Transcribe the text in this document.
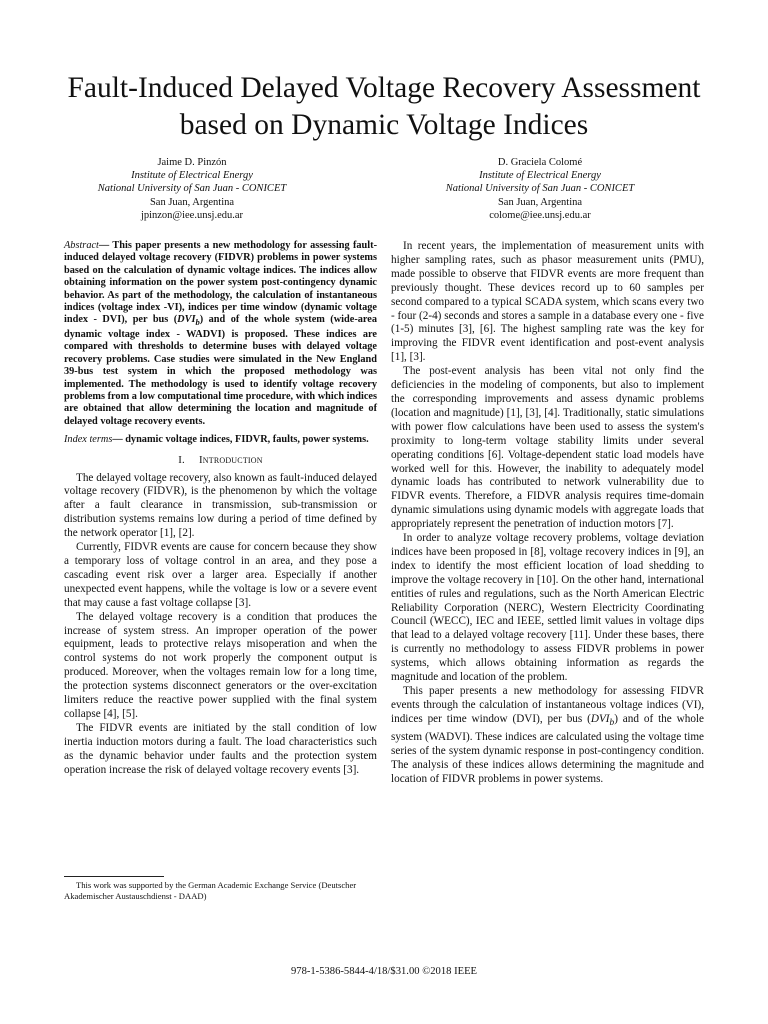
Fault-Induced Delayed Voltage Recovery Assessment based on Dynamic Voltage Indices
Jaime D. Pinzón
Institute of Electrical Energy
National University of San Juan - CONICET
San Juan, Argentina
jpinzon@iee.unsj.edu.ar
D. Graciela Colomé
Institute of Electrical Energy
National University of San Juan - CONICET
San Juan, Argentina
colome@iee.unsj.edu.ar

Abstract— This paper presents a new methodology for assessing fault-induced delayed voltage recovery (FIDVR) problems in power systems based on the calculation of dynamic voltage indices. The indices allow obtaining information on the power system post-contingency dynamic behavior. As part of the methodology, the calculation of instantaneous indices (voltage index -VI), indices per time window (dynamic voltage index - DVI), per bus $(DVI_b)$ and of the whole system (wide-area dynamic voltage index - WADVI) is proposed. These indices are compared with thresholds to determine buses with delayed voltage recovery problems. Case studies were simulated in the New England 39-bus test system in which the proposed methodology was implemented. The methodology is used to identify voltage recovery problems from a low computational time procedure, with which indices are obtained that allow determining the location and magnitude of delayed voltage recovery events.

Index terms— dynamic voltage indices, FIDVR, faults, power systems.

I. Introduction

The delayed voltage recovery, also known as fault-induced delayed voltage recovery (FIDVR), is the phenomenon by which the voltage after a fault clearance in transmission, sub-transmission or distribution systems remains low during a period of time defined by the network operator [1], [2].

Currently, FIDVR events are cause for concern because they show a temporary loss of voltage control in an area, and they pose a cascading event risk over a larger area. Especially if another unexpected event happens, while the voltage is low or a severe event that may cause a fast voltage collapse [3].

The delayed voltage recovery is a condition that produces the increase of system stress. An improper operation of the power equipment, leads to protective relays misoperation and when the control systems do not work properly the component output is produced. Moreover, when the voltages remain low for a long time, the protection systems disconnect generators or the over-excitation limiters reduce the reactive power supplied with the final system collapse [4], [5].

The FIDVR events are initiated by the stall condition of low inertia induction motors during a fault. The load characteristics such as the dynamic behavior under faults and the protection system operation increase the risk of delayed voltage recovery events [3].

In recent years, the implementation of measurement units with higher sampling rates, such as phasor measurement units (PMU), made possible to observe that FIDVR events are more frequent than previously thought. These devices record up to 60 samples per second compared to a typical SCADA system, which scans every two - four (2-4) seconds and stores a sample in a database every one - five (1-5) minutes [3], [6]. The highest sampling rate was the key for improving the FIDVR event identification and post-event analysis [1], [3].

The post-event analysis has been vital not only find the deficiencies in the modeling of components, but also to implement the corresponding improvements and assess dynamic problems (location and magnitude) [1], [3], [4]. Traditionally, static simulations with power flow calculations have been used to assess the system's proximity to long-term voltage stability limits under several operating conditions [6]. Voltage-dependent static load models have worked well for this. However, the inability to adequately model dynamic loads has contributed to network vulnerability due to FIDVR events. Therefore, a FIDVR analysis requires time-domain dynamic simulations using dynamic models with aggregate loads that appropriately represent the penetration of induction motors [7].

In order to analyze voltage recovery problems, voltage deviation indices have been proposed in [8], voltage recovery indices in [9], an index to identify the most efficient location of load shedding to improve the voltage recovery in [10]. On the other hand, international entities of rules and regulations, such as the North American Electric Reliability Corporation (NERC), Western Electricity Coordinating Council (WECC), IEC and IEEE, settled limit values in voltage dips that lead to a delayed voltage recovery [11]. Under these bases, there is currently no methodology to assess FIDVR problems in power systems, which allows obtaining information as regards the magnitude and location of the problem.

This paper presents a new methodology for assessing FIDVR events through the calculation of instantaneous voltage indices (VI), indices per time window (DVI), per bus $(DVI_b)$ and of the whole system (WADVI). These indices are calculated using the voltage time series of the system dynamic response in post-contingency condition. The analysis of these indices allows determining the magnitude and location of FIDVR problems in power systems.

This work was supported by the German Academic Exchange Service (Deutscher Akademischer Austauschdienst - DAAD)

978-1-5386-5844-4/18/$31.00 ©2018 IEEE
